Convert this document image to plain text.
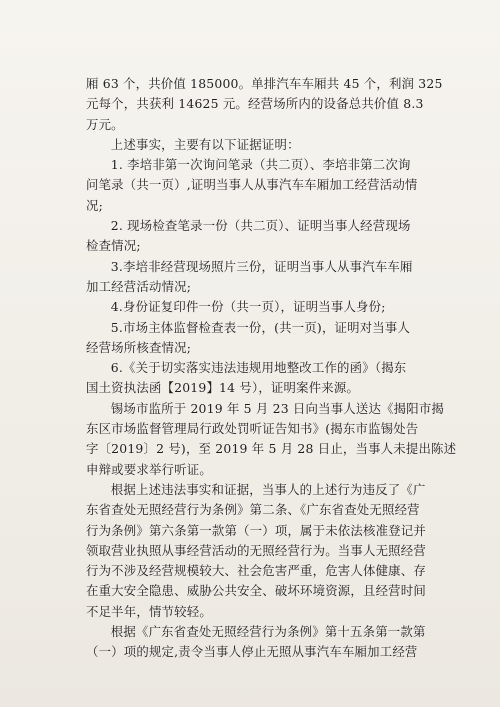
厢 63 个，共价值 185000。单排汽车车厢共 45 个，利润 325
元每个，共获利 14625 元。经营场所内的设备总共价值 8.3
万元。

上述事实，主要有以下证据证明：

1. 李培非第一次询问笔录（共二页）、李培非第二次询
问笔录（共一页）,证明当事人从事汽车车厢加工经营活动情
况;

2. 现场检查笔录一份（共二页）、证明当事人经营现场
检查情况;

3.李培非经营现场照片三份，证明当事人从事汽车车厢
加工经营活动情况;

4.身份证复印件一份（共一页），证明当事人身份;

5.市场主体监督检查表一份，(共一页)，证明对当事人
经营场所核查情况;

6.《关于切实落实违法违规用地整改工作的函》（揭东
国土资执法函【2019】14 号），证明案件来源。

锡场市监所于 2019 年 5 月 23 日向当事人送达《揭阳市揭
东区市场监督管理局行政处罚听证告知书》(揭东市监锡处告
字〔2019〕2 号)，至 2019 年 5 月 28 日止，当事人未提出陈述
申辩或要求举行听证。

根据上述违法事实和证据，当事人的上述行为违反了《广
东省查处无照经营行为条例》第二条、《广东省查处无照经营
行为条例》第六条第一款第（一）项，属于未依法核准登记并
领取营业执照从事经营活动的无照经营行为。当事人无照经营
行为不涉及经营规模较大、社会危害严重，危害人体健康、存
在重大安全隐患、威胁公共安全、破坏环境资源，且经营时间
不足半年，情节较轻。

根据《广东省查处无照经营行为条例》第十五条第一款第
（一）项的规定,责令当事人停止无照从事汽车车厢加工经营
